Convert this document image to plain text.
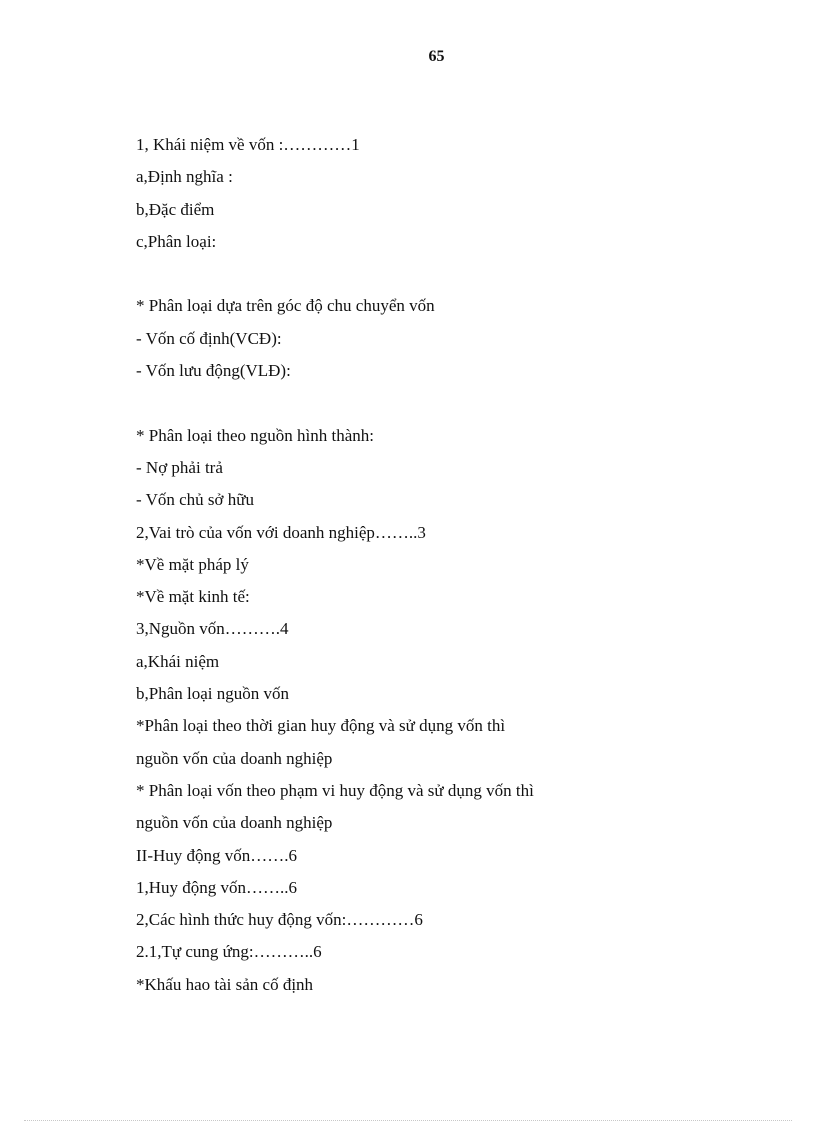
65

1, Khái niệm về vốn :…………1
a,Định nghĩa :
b,Đặc điểm
c,Phân loại:
* Phân loại dựa trên góc độ chu chuyển vốn
- Vốn cố định(VCĐ):
- Vốn lưu động(VLĐ):
* Phân loại theo nguồn hình thành:
- Nợ phải trả
- Vốn chủ sở hữu
2,Vai trò của vốn với doanh nghiệp……..3
*Về mặt pháp lý
*Về mặt kinh tế:
3,Nguồn vốn……….4
a,Khái niệm
b,Phân loại nguồn vốn
*Phân loại theo thời gian huy động và sử dụng vốn thì
nguồn vốn của doanh nghiệp
* Phân loại vốn theo phạm vi huy động và sử dụng vốn thì
nguồn vốn của doanh nghiệp
II-Huy động vốn…….6
1,Huy động vốn……..6
2,Các hình thức huy động vốn:…………6
2.1,Tự cung ứng:………..6
*Khấu hao tài sản cố định
